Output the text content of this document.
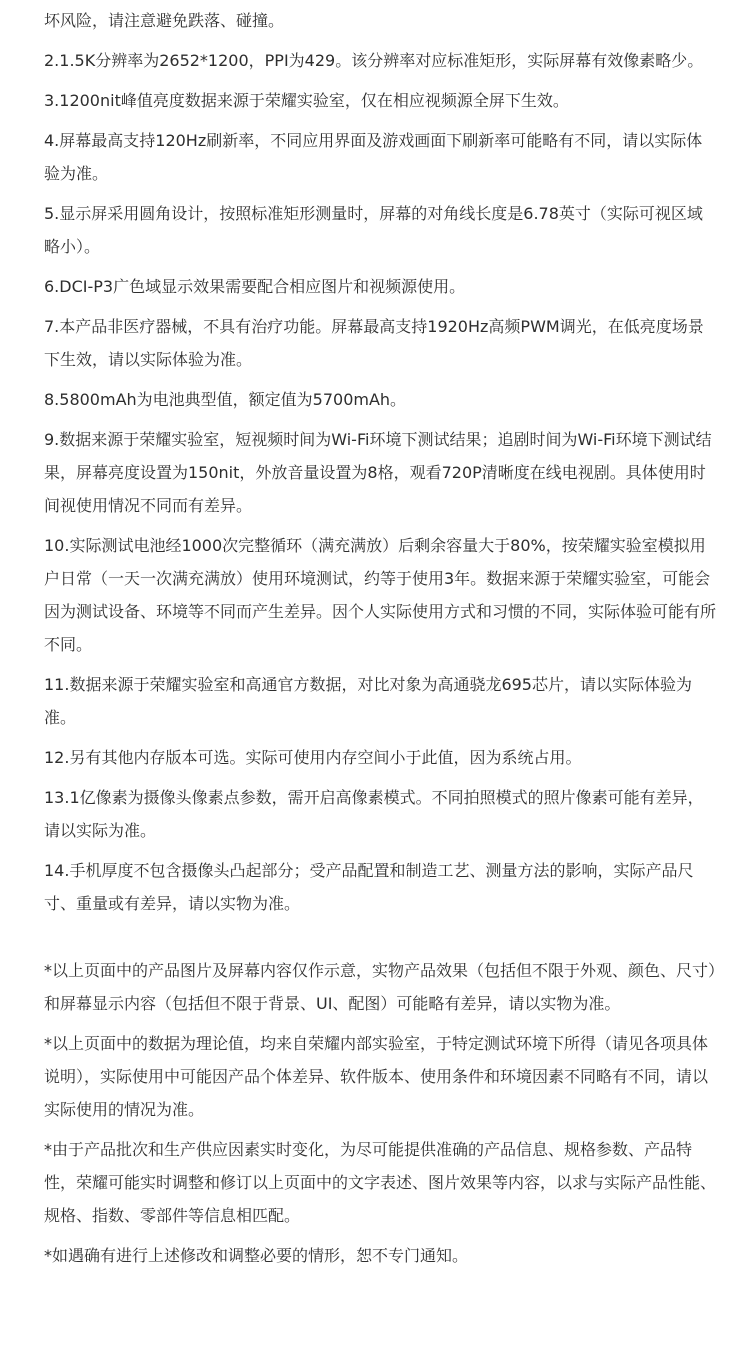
坏风险，请注意避免跌落、碰撞。

2.1.5K分辨率为2652*1200，PPI为429。该分辨率对应标准矩形，实际屏幕有效像素略少。

3.1200nit峰值亮度数据来源于荣耀实验室，仅在相应视频源全屏下生效。

4.屏幕最高支持120Hz刷新率，不同应用界面及游戏画面下刷新率可能略有不同，请以实际体验为准。

5.显示屏采用圆角设计，按照标准矩形测量时，屏幕的对角线长度是6.78英寸（实际可视区域略小）。

6.DCI-P3广色域显示效果需要配合相应图片和视频源使用。

7.本产品非医疗器械，不具有治疗功能。屏幕最高支持1920Hz高频PWM调光，在低亮度场景下生效，请以实际体验为准。

8.5800mAh为电池典型值，额定值为5700mAh。

9.数据来源于荣耀实验室，短视频时间为Wi-Fi环境下测试结果；追剧时间为Wi-Fi环境下测试结果，屏幕亮度设置为150nit，外放音量设置为8格，观看720P清晰度在线电视剧。具体使用时间视使用情况不同而有差异。

10.实际测试电池经1000次完整循环（满充满放）后剩余容量大于80%，按荣耀实验室模拟用户日常（一天一次满充满放）使用环境测试，约等于使用3年。数据来源于荣耀实验室，可能会因为测试设备、环境等不同而产生差异。因个人实际使用方式和习惯的不同，实际体验可能有所不同。

11.数据来源于荣耀实验室和高通官方数据，对比对象为高通骁龙695芯片，请以实际体验为准。

12.另有其他内存版本可选。实际可使用内存空间小于此值，因为系统占用。

13.1亿像素为摄像头像素点参数，需开启高像素模式。不同拍照模式的照片像素可能有差异，请以实际为准。

14.手机厚度不包含摄像头凸起部分；受产品配置和制造工艺、测量方法的影响，实际产品尺寸、重量或有差异，请以实物为准。

*以上页面中的产品图片及屏幕内容仅作示意，实物产品效果（包括但不限于外观、颜色、尺寸）和屏幕显示内容（包括但不限于背景、UI、配图）可能略有差异，请以实物为准。

*以上页面中的数据为理论值，均来自荣耀内部实验室，于特定测试环境下所得（请见各项具体说明），实际使用中可能因产品个体差异、软件版本、使用条件和环境因素不同略有不同，请以实际使用的情况为准。

*由于产品批次和生产供应因素实时变化，为尽可能提供准确的产品信息、规格参数、产品特性，荣耀可能实时调整和修订以上页面中的文字表述、图片效果等内容，以求与实际产品性能、规格、指数、零部件等信息相匹配。

*如遇确有进行上述修改和调整必要的情形，恕不专门通知。
